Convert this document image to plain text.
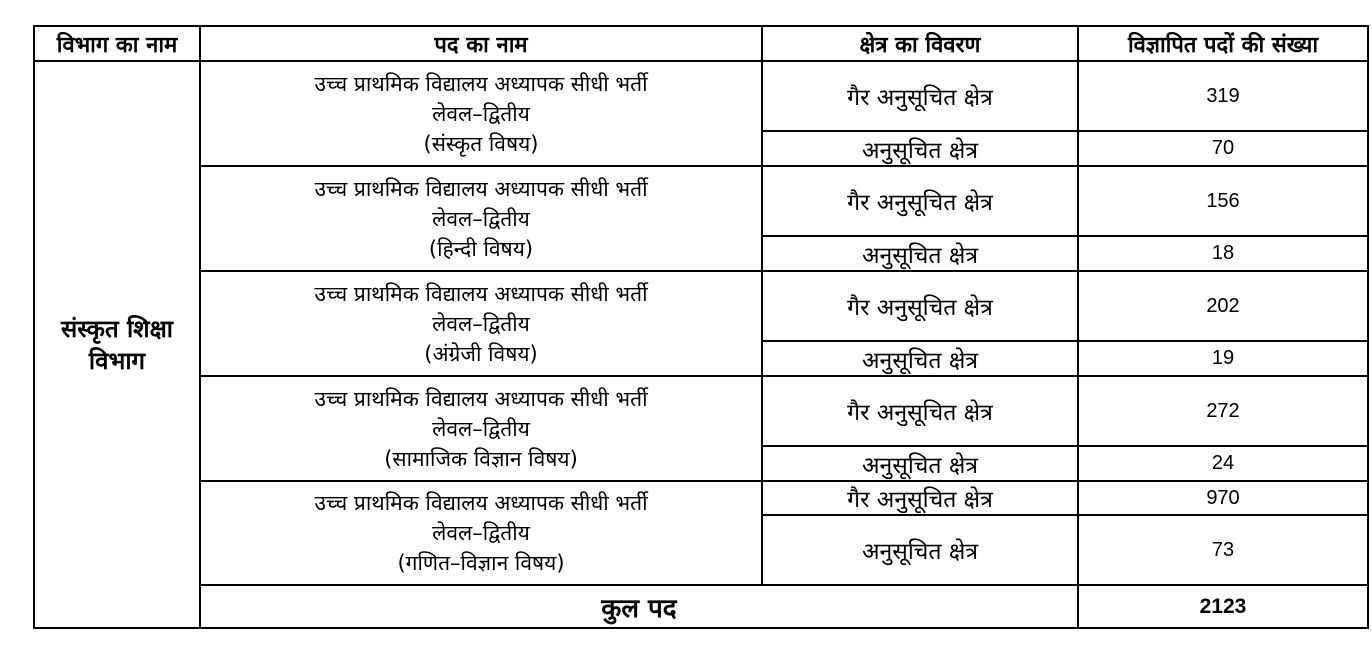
विभाग का नाम	पद का नाम	क्षेत्र का विवरण	विज्ञापित पदों की संख्या
संस्कृत शिक्षा विभाग	उच्च प्राथमिक विद्यालय अध्यापक सीधी भर्ती
लेवल–द्वितीय
(संस्कृत विषय)	गैर अनुसूचित क्षेत्र	319
		अनुसूचित क्षेत्र	70

	उच्च प्राथमिक विद्यालय अध्यापक सीधी भर्ती
लेवल–द्वितीय
(हिन्दी विषय)	गैर अनुसूचित क्षेत्र	156
		अनुसूचित क्षेत्र	18

	उच्च प्राथमिक विद्यालय अध्यापक सीधी भर्ती
लेवल–द्वितीय
(अंग्रेजी विषय)	गैर अनुसूचित क्षेत्र	202
		अनुसूचित क्षेत्र	19

	उच्च प्राथमिक विद्यालय अध्यापक सीधी भर्ती
लेवल–द्वितीय
(सामाजिक विज्ञान विषय)	गैर अनुसूचित क्षेत्र	272
		अनुसूचित क्षेत्र	24

	उच्च प्राथमिक विद्यालय अध्यापक सीधी भर्ती
लेवल–द्वितीय
(गणित–विज्ञान विषय)	गैर अनुसूचित क्षेत्र	970
		अनुसूचित क्षेत्र	73
	कुल पद		2123
